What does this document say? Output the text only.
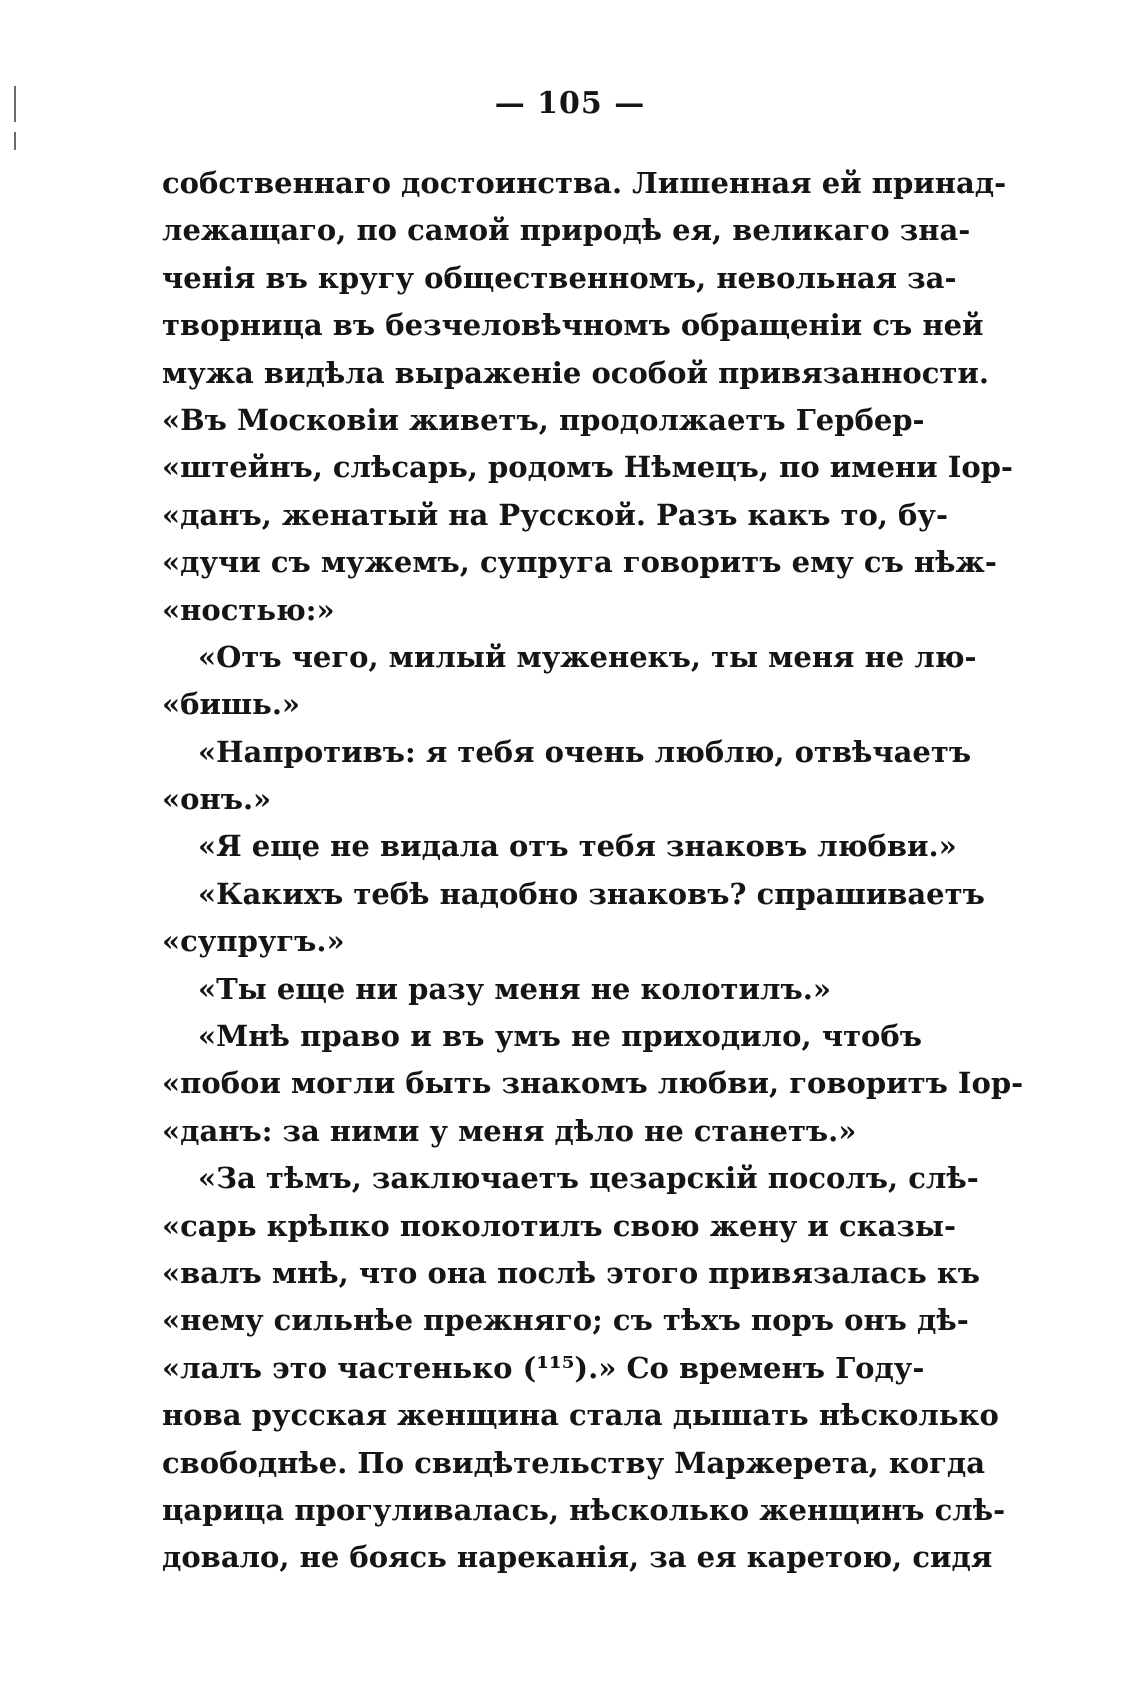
— 105 —
собственнаго достоинства. Лишенная ей принад-
лежащаго, по самой природѣ ея, великаго зна-
ченія въ кругу общественномъ, невольная за-
творница въ безчеловѣчномъ обращеніи съ ней
мужа видѣла выраженіе особой привязанности.
«Въ Московіи живетъ, продолжаетъ Гербер-
«штейнъ, слѣсарь, родомъ Нѣмецъ, по имени Іор-
«данъ, женатый на Русской. Разъ какъ то, бу-
«дучи съ мужемъ, супруга говоритъ ему съ нѣж-
«ностью:»
«Отъ чего, милый муженекъ, ты меня не лю-
«бишь.»
«Напротивъ: я тебя очень люблю, отвѣчаетъ
«онъ.»
«Я еще не видала отъ тебя знаковъ любви.»
«Какихъ тебѣ надобно знаковъ? спрашиваетъ
«супругъ.»
«Ты еще ни разу меня не колотилъ.»
«Мнѣ право и въ умъ не приходило, чтобъ
«побои могли быть знакомъ любви, говоритъ Іор-
«данъ: за ними у меня дѣло не станетъ.»
«За тѣмъ, заключаетъ цезарскій посолъ, слѣ-
«сарь крѣпко поколотилъ свою жену и сказы-
«валъ мнѣ, что она послѣ этого привязалась къ
«нему сильнѣе прежняго; съ тѣхъ поръ онъ дѣ-
«лалъ это частенько (¹¹⁵).» Со временъ Году-
нова русская женщина стала дышать нѣсколько
свободнѣе. По свидѣтельству Маржерета, когда
царица прогуливалась, нѣсколько женщинъ слѣ-
довало, не боясь нареканія, за ея каретою, сидя
